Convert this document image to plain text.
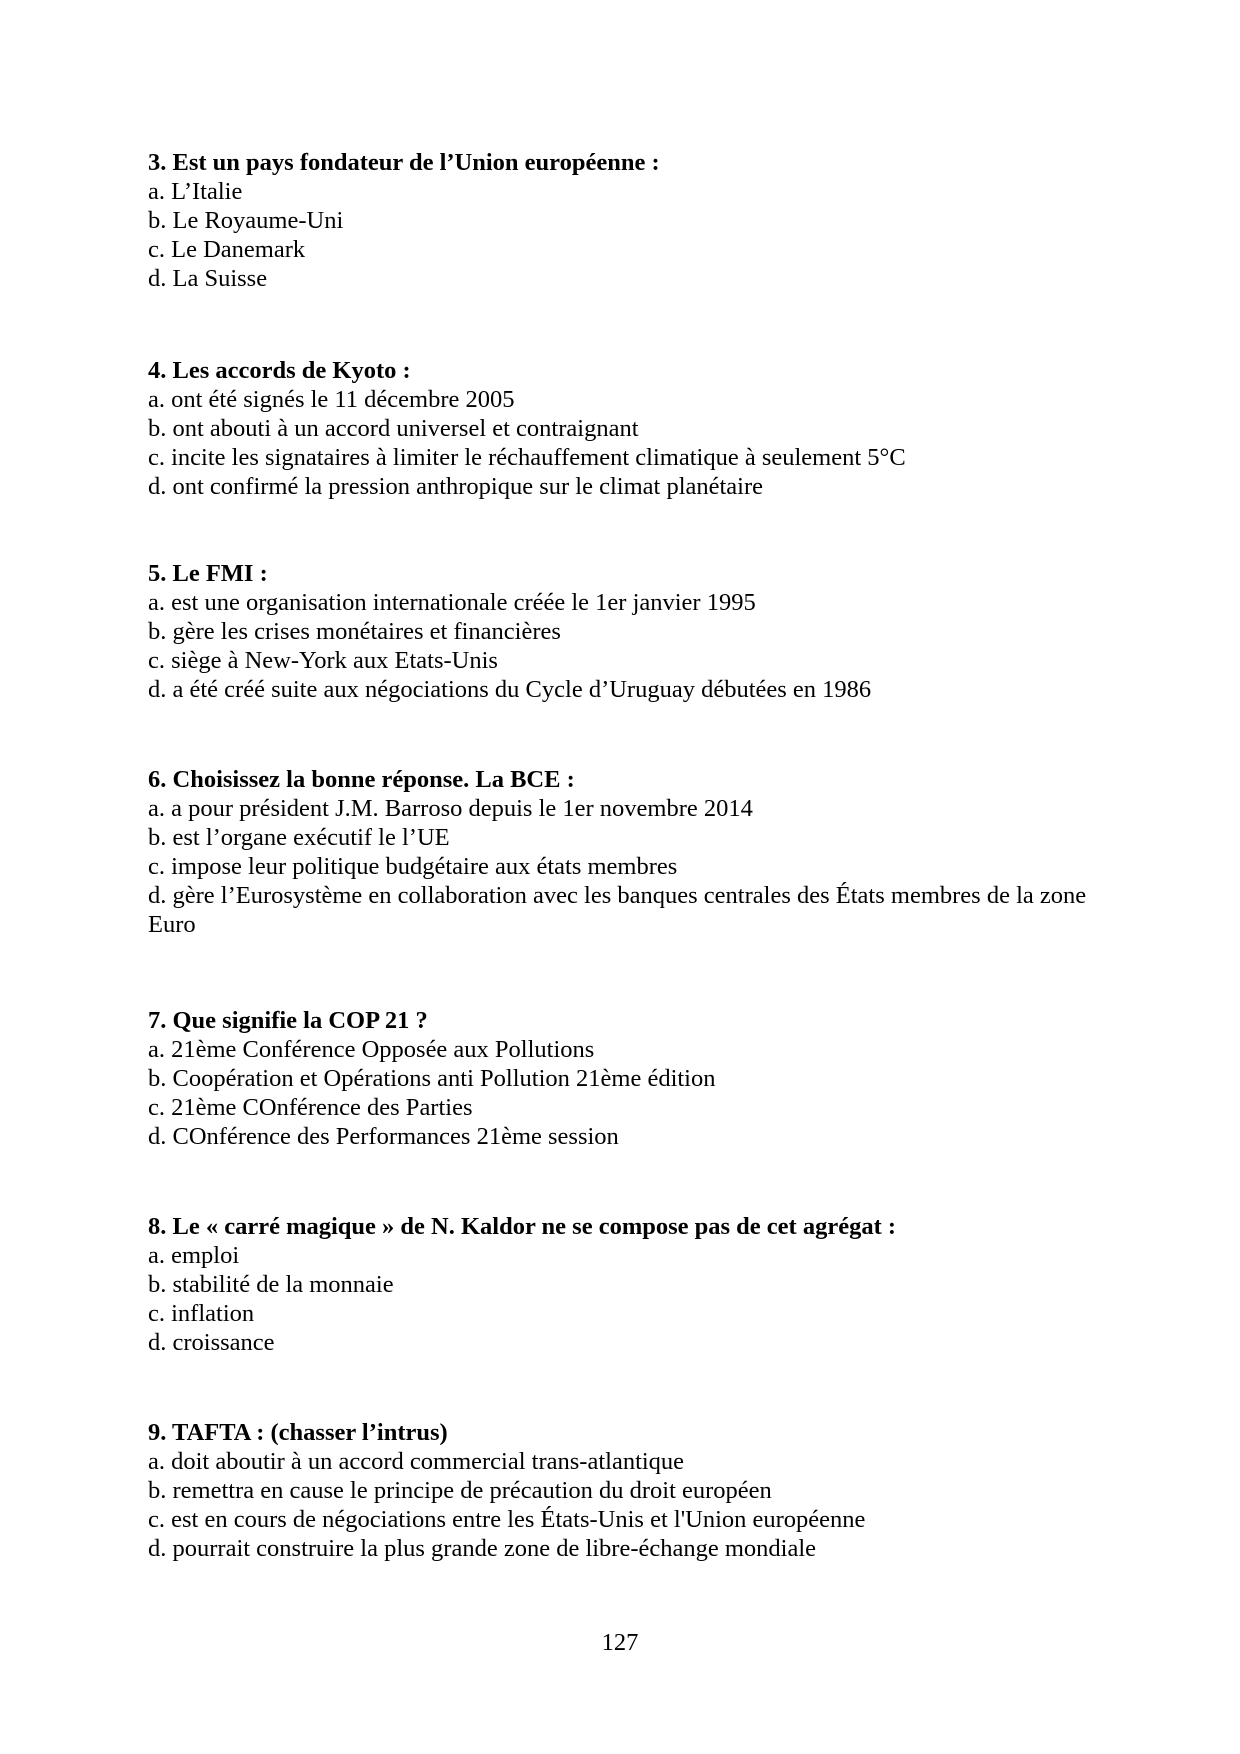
3. Est un pays fondateur de l’Union européenne :

a. L’Italie

b. Le Royaume-Uni

c. Le Danemark

d. La Suisse

4. Les accords de Kyoto :

a. ont été signés le 11 décembre 2005

b. ont abouti à un accord universel et contraignant

c. incite les signataires à limiter le réchauffement climatique à seulement 5°C

d. ont confirmé la pression anthropique sur le climat planétaire

5. Le FMI :

a. est une organisation internationale créée le 1er janvier 1995

b. gère les crises monétaires et financières

c. siège à New-York aux Etats-Unis

d. a été créé suite aux négociations du Cycle d’Uruguay débutées en 1986

6. Choisissez la bonne réponse. La BCE :

a. a pour président J.M. Barroso depuis le 1er novembre 2014

b. est l’organe exécutif le l’UE

c. impose leur politique budgétaire aux états membres

d. gère l’Eurosystème en collaboration avec les banques centrales des États membres de la zone Euro

7. Que signifie la COP 21 ?

a. 21ème Conférence Opposée aux Pollutions

b. Coopération et Opérations anti Pollution 21ème édition

c. 21ème COnférence des Parties

d. COnférence des Performances 21ème session

8. Le « carré magique » de N. Kaldor ne se compose pas de cet agrégat :

a. emploi

b. stabilité de la monnaie

c. inflation

d. croissance

9. TAFTA : (chasser l’intrus)

a. doit aboutir à un accord commercial trans-atlantique

b. remettra en cause le principe de précaution du droit européen

c. est en cours de négociations entre les États-Unis et l'Union européenne

d. pourrait construire la plus grande zone de libre-échange mondiale

127
